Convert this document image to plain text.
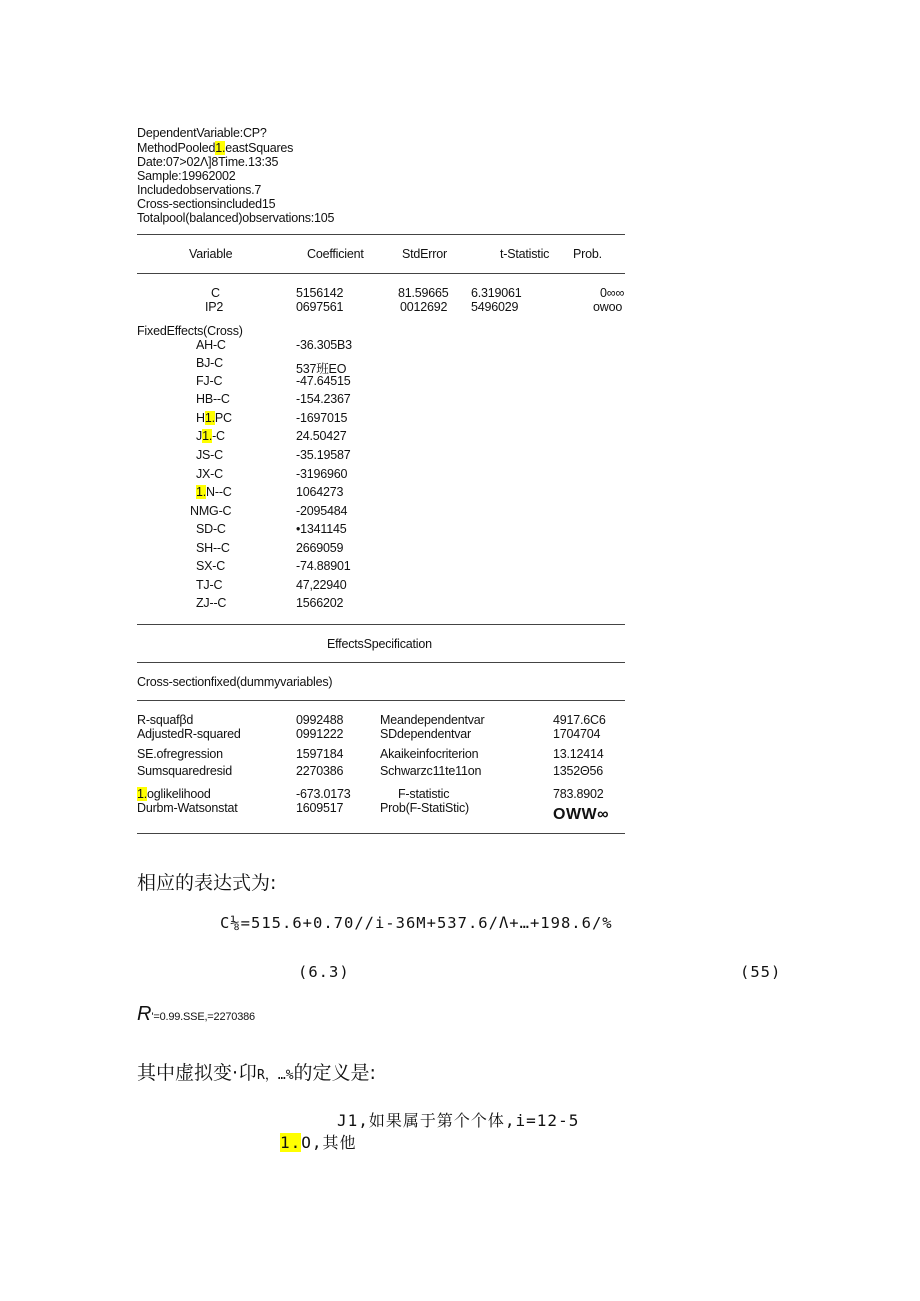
DependentVariable:CP?
MethodPooled1.eastSquares
Date:07>02Λ]8Time.13:35
Sample:19962002
Includedobservations.7
Cross-sectionsincluded15
Totalpool(balanced)observations:105
Variable	Coefficient	StdError	t-Statistic Prob.
C	5156142	81.59665 6.319061	0∞∞
IP2	0697561	0012692 5496029	owoo
FixedEffects(Cross)
AH-C	-36.305B3
BJ-C	537班EO
FJ-C	-47.64515
HB--C	-154.2367
H1.PC	-1697015
J1.-C	24.50427
JS-C	-35.19587
JX-C	-3196960
1.N--C	1064273
NMG-C	-2095484
SD-C	•1341145
SH--C	2669059
SX-C	-74.88901
TJ-C	47,22940
ZJ--C	1566202
EffectsSpecification
Cross-sectionfixed(dummyvariables)
R-squafβd	0992488	Meandependentvar	4917.6C6
AdjustedR-squared	0991222	SDdependentvar	1704704
SE.ofregression	1597184	Akaikeinfocriterion	13.12414
Sumsquaredresid	2270386	Schwarzc11te11on	1352Θ56
1.oglikelihood	-673.0173	F-statistic	783.8902
Durbm-Watsonstat	1609517	Prob(F-StatiStic)	OWW∞
相应的表达式为:
C⅛=515.6+0.70∕∕i-36M+537.6∕Λ+…+198.6/%
(6.3)	(55)
R'=0.99.SSE,=2270386
其中虚拟变·卬R，…%的定义是:
J1,如果属于第个个体,i=12-5
1.O,其他
